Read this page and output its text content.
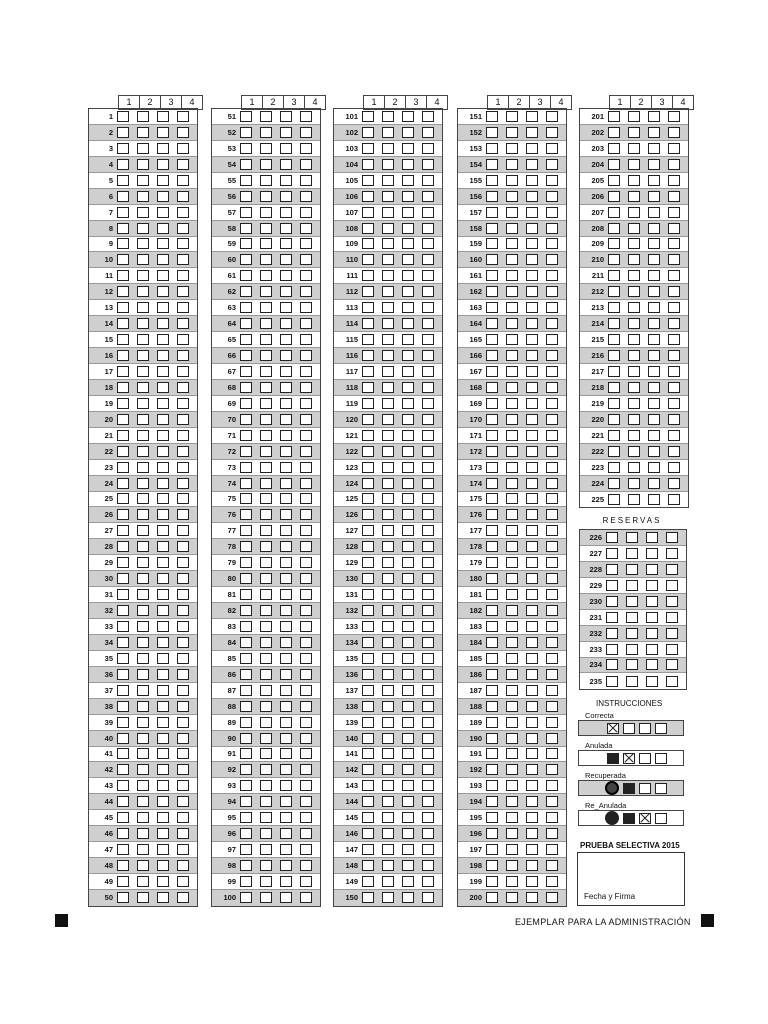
1	2	3	4
1
2
3
4
5
6
7
8
9
10
11
12
13
14
15
16
17
18
19
20
21
22
23
24
25
26
27
28
29
30
31
32
33
34
35
36
37
38
39
40
41
42
43
44
45
46
47
48
49
50
1	2	3	4
51
52
53
54
55
56
57
58
59
60
61
62
63
64
65
66
67
68
69
70
71
72
73
74
75
76
77
78
79
80
81
82
83
84
85
86
87
88
89
90
91
92
93
94
95
96
97
98
99
100
1	2	3	4
101
102
103
104
105
106
107
108
109
110
111
112
113
114
115
116
117
118
119
120
121
122
123
124
125
126
127
128
129
130
131
132
133
134
135
136
137
138
139
140
141
142
143
144
145
146
147
148
149
150
1	2	3	4
151
152
153
154
155
156
157
158
159
160
161
162
163
164
165
166
167
168
169
170
171
172
173
174
175
176
177
178
179
180
181
182
183
184
185
186
187
188
189
190
191
192
193
194
195
196
197
198
199
200
1	2	3	4
201
202
203
204
205
206
207
208
209
210
211
212
213
214
215
216
217
218
219
220
221
222
223
224
225
226
227
228
229
230
231
232
233
234
235
RESERVAS
INSTRUCCIONES
Correcta
Anulada
Recuperada
Re_Anulada
PRUEBA SELECTIVA 2015
Fecha y Firma
EJEMPLAR PARA LA ADMINISTRACIÓN
